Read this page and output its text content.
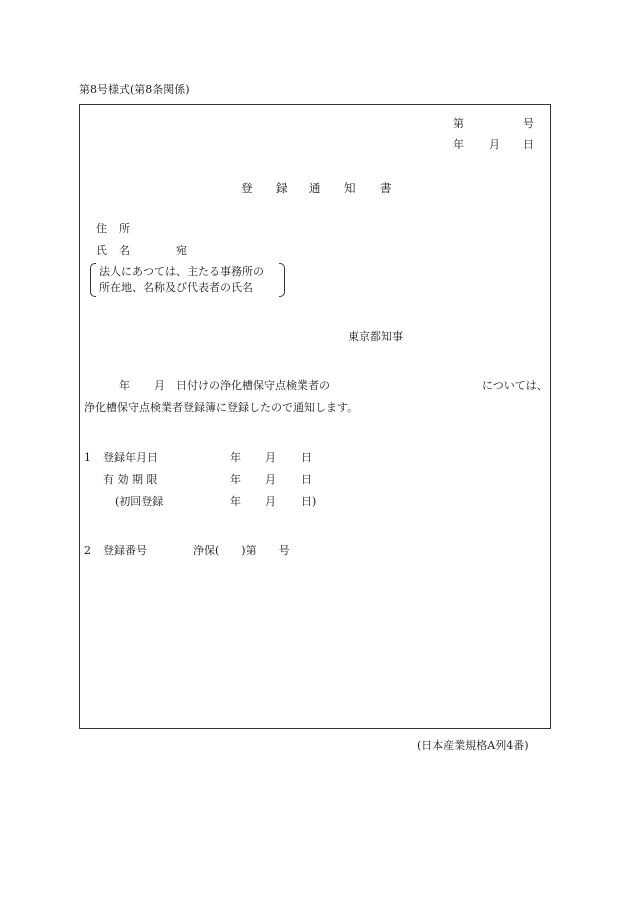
第8号様式(第8条関係)
第	号
年 月 日
登 録 通 知 書
住 所
氏 名	宛
法人にあつては、主たる事務所の
所在地、名称及び代表者の氏名
東京都知事
年 月 日付けの浄化槽保守点検業者の	については、
浄化槽保守点検業者登録簿に登録したので通知します。
1 登録年月日	年 月 日
有 効 期 限	年 月 日
(初回登録	年 月 日)
2 登録番号	浄保(　　)第　　号
(日本産業規格A列4番)
